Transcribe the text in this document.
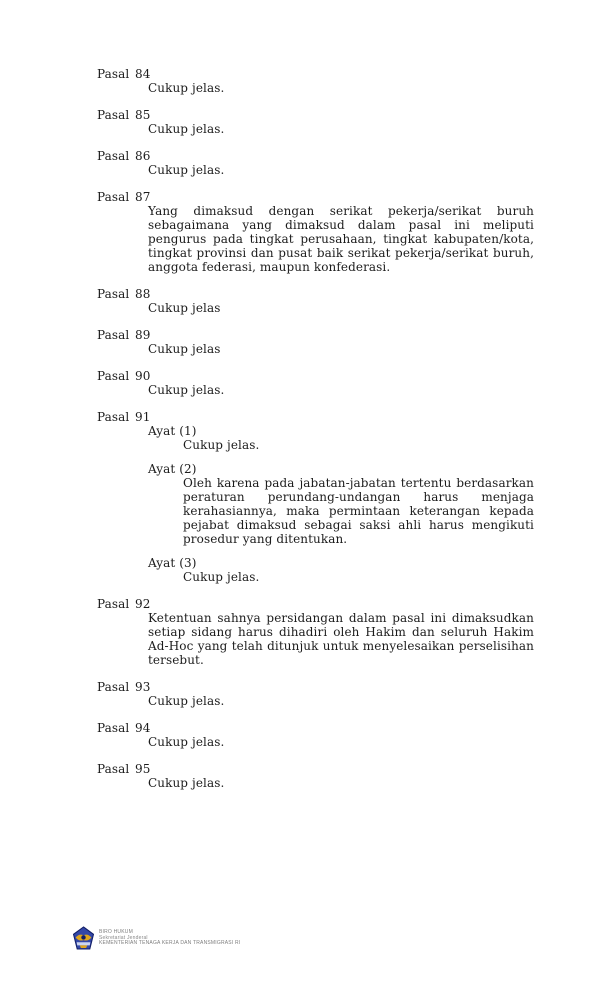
Pasal 84
Cukup jelas.
Pasal 85
Cukup jelas.
Pasal 86
Cukup jelas.
Pasal 87
Yang dimaksud dengan serikat pekerja/serikat buruh sebagaimana yang dimaksud dalam pasal ini meliputi pengurus pada tingkat perusahaan, tingkat kabupaten/kota, tingkat provinsi dan pusat baik serikat pekerja/serikat buruh, anggota federasi, maupun konfederasi.
Pasal 88
Cukup jelas
Pasal 89
Cukup jelas
Pasal 90
Cukup jelas.
Pasal 91
Ayat (1)
Cukup jelas.
Ayat (2)
Oleh karena pada jabatan-jabatan tertentu berdasarkan peraturan perundang-undangan harus menjaga kerahasiannya, maka permintaan keterangan kepada pejabat dimaksud sebagai saksi ahli harus mengikuti prosedur yang ditentukan.
Ayat (3)
Cukup jelas.
Pasal 92
Ketentuan sahnya persidangan dalam pasal ini dimaksudkan setiap sidang harus dihadiri oleh Hakim dan seluruh Hakim Ad-Hoc yang telah ditunjuk untuk menyelesaikan perselisihan tersebut.
Pasal 93
Cukup jelas.
Pasal 94
Cukup jelas.
Pasal 95
Cukup jelas.
BIRO HUKUM
Sekretariat Jenderal
KEMENTERIAN TENAGA KERJA DAN TRANSMIGRASI RI
